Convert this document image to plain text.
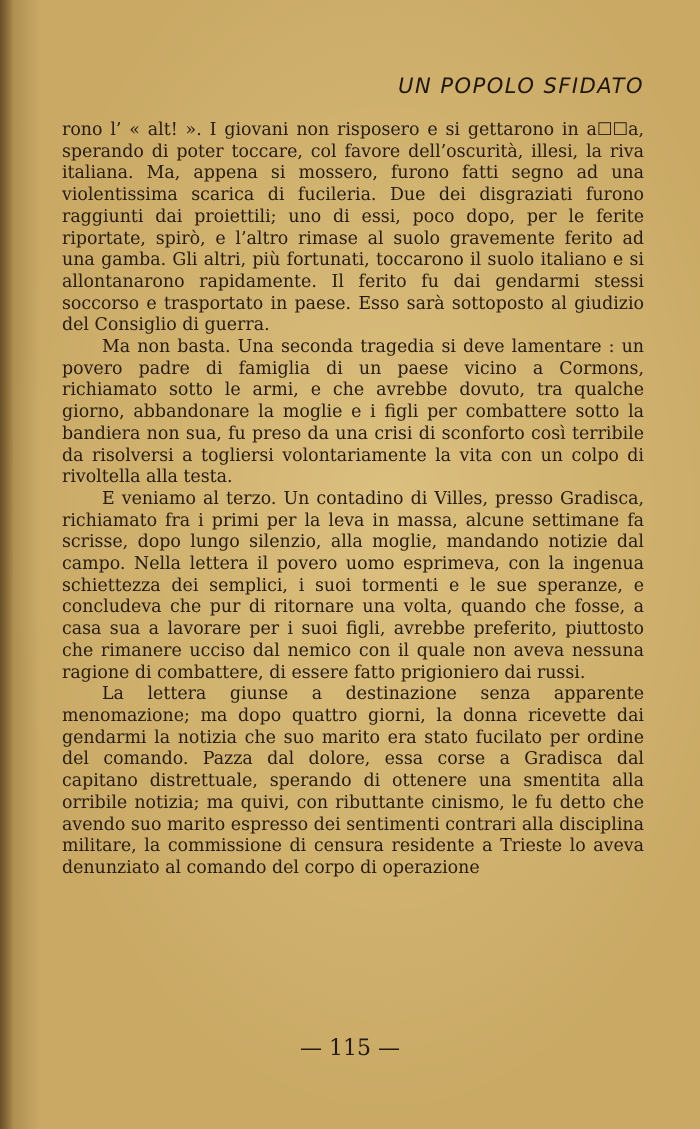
UN POPOLO SFIDATO

rono l’ « alt! ». I giovani non risposero e si gettarono in a☐☐a, sperando di poter toccare, col favore dell’oscurità, illesi, la riva italiana. Ma, appena si mossero, furono fatti segno ad una violentissima scarica di fucileria. Due dei disgraziati furono raggiunti dai proiettili; uno di essi, poco dopo, per le ferite riportate, spirò, e l’altro rimase al suolo gravemente ferito ad una gamba. Gli altri, più fortunati, toccarono il suolo italiano e si allontanarono rapidamente. Il ferito fu dai gendarmi stessi soccorso e trasportato in paese. Esso sarà sottoposto al giudizio del Consiglio di guerra.

Ma non basta. Una seconda tragedia si deve lamentare : un povero padre di famiglia di un paese vicino a Cormons, richiamato sotto le armi, e che avrebbe dovuto, tra qualche giorno, abbandonare la moglie e i figli per combattere sotto la bandiera non sua, fu preso da una crisi di sconforto così terribile da risolversi a togliersi volontariamente la vita con un colpo di rivoltella alla testa.

E veniamo al terzo. Un contadino di Villes, presso Gradisca, richiamato fra i primi per la leva in massa, alcune settimane fa scrisse, dopo lungo silenzio, alla moglie, mandando notizie dal campo. Nella lettera il povero uomo esprimeva, con la ingenua schiettezza dei semplici, i suoi tormenti e le sue speranze, e concludeva che pur di ritornare una volta, quando che fosse, a casa sua a lavorare per i suoi figli, avrebbe preferito, piuttosto che rimanere ucciso dal nemico con il quale non aveva nessuna ragione di combattere, di essere fatto prigioniero dai russi.

La lettera giunse a destinazione senza apparente menomazione; ma dopo quattro giorni, la donna ricevette dai gendarmi la notizia che suo marito era stato fucilato per ordine del comando. Pazza dal dolore, essa corse a Gradisca dal capitano distrettuale, sperando di ottenere una smentita alla orribile notizia; ma quivi, con ributtante cinismo, le fu detto che avendo suo marito espresso dei sentimenti contrari alla disciplina militare, la commissione di censura residente a Trieste lo aveva denunziato al comando del corpo di operazione

— 115 —
